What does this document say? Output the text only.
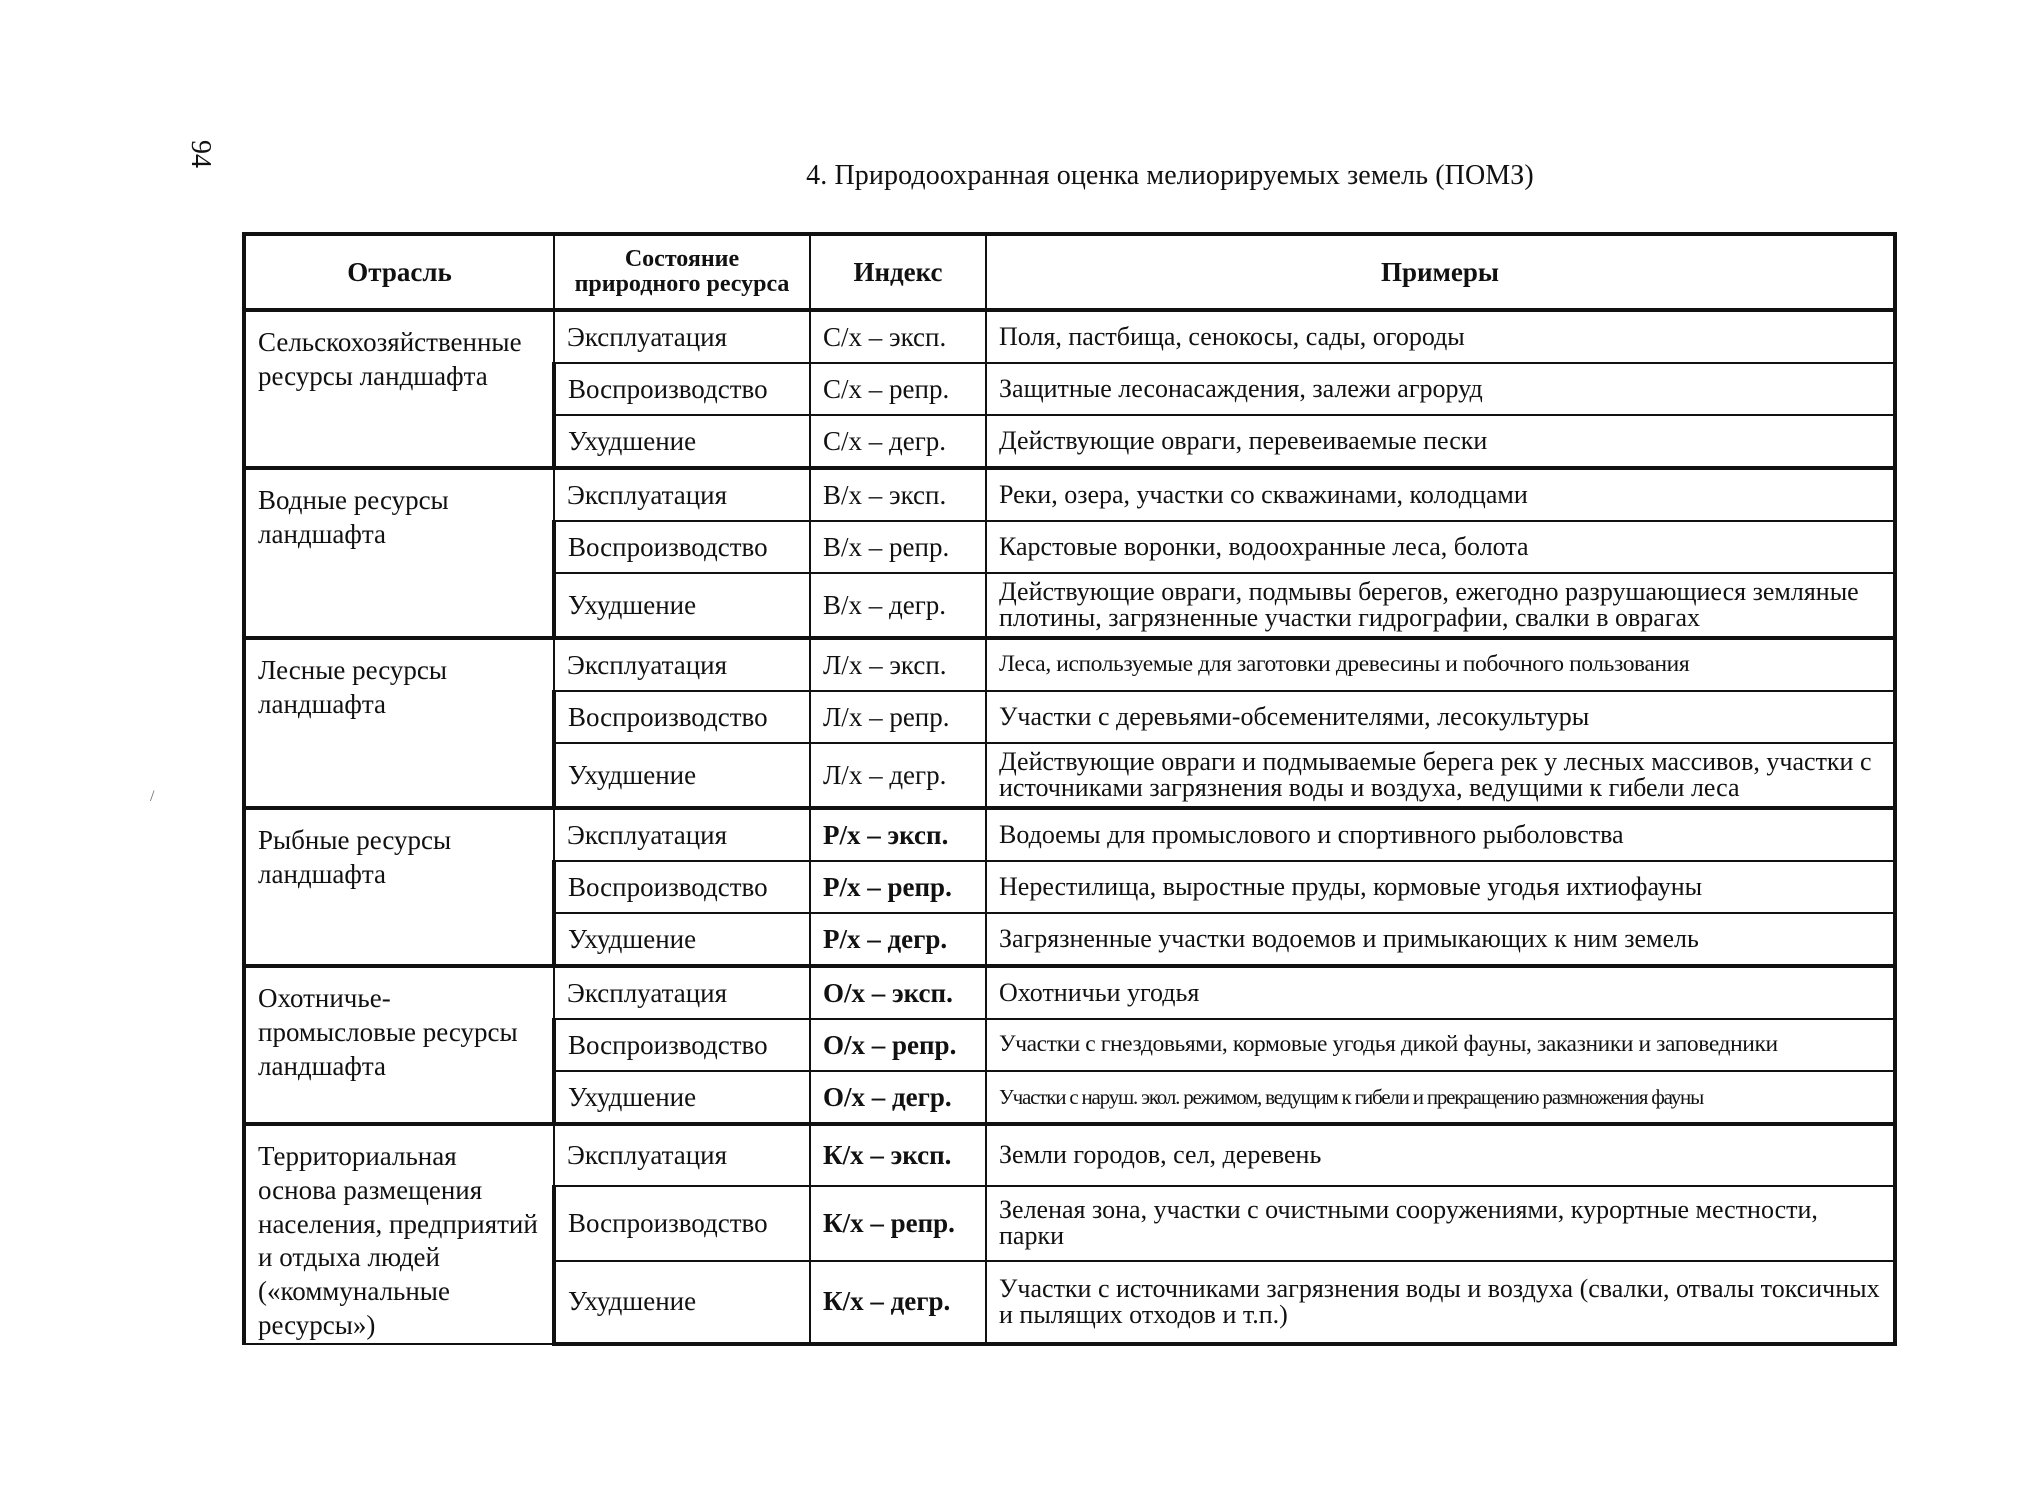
94
4. Природоохранная оценка мелиорируемых земель (ПОМЗ)
/
Отрасль	Состояние природного ресурса	Индекс	Примеры
Сельскохозяйственные ресурсы ландшафта	Эксплуатация	С/х – эксп.	Поля, пастбища, сенокосы, сады, огороды
	Воспроизводство	С/х – репр.	Защитные лесонасаждения, залежи агроруд
	Ухудшение	С/х – дегр.	Действующие овраги, перевеиваемые пески
Водные ресурсы ландшафта	Эксплуатация	В/х – эксп.	Реки, озера, участки со скважинами, колодцами
	Воспроизводство	В/х – репр.	Карстовые воронки, водоохранные леса, болота
	Ухудшение	В/х – дегр.	Действующие овраги, подмывы берегов, ежегодно разрушающиеся земляные плотины, загрязненные участки гидрографии, свалки в оврагах
Лесные ресурсы ландшафта	Эксплуатация	Л/х – эксп.	Леса, используемые для заготовки древесины и побочного пользования
	Воспроизводство	Л/х – репр.	Участки с деревьями-обсеменителями, лесокультуры
	Ухудшение	Л/х – дегр.	Действующие овраги и подмываемые берега рек у лесных массивов, участки с источниками загрязнения воды и воздуха, ведущими к гибели леса
Рыбные ресурсы ландшафта	Эксплуатация	Р/х – эксп.	Водоемы для промыслового и спортивного рыболовства
	Воспроизводство	Р/х – репр.	Нерестилища, выростные пруды, кормовые угодья ихтиофауны
	Ухудшение	Р/х – дегр.	Загрязненные участки водоемов и примыкающих к ним земель
Охотничье-промысловые ресурсы ландшафта	Эксплуатация	О/х – эксп.	Охотничьи угодья
	Воспроизводство	О/х – репр.	Участки с гнездовьями, кормовые угодья дикой фауны, заказники и заповедники
	Ухудшение	О/х – дегр.	Участки с наруш. экол. режимом, ведущим к гибели и прекращению размножения фауны
Территориальная основа размещения населения, предприятий и отдыха людей («коммунальные ресурсы»)	Эксплуатация	К/х – эксп.	Земли городов, сел, деревень
	Воспроизводство	К/х – репр.	Зеленая зона, участки с очистными сооружениями, курортные местности, парки
	Ухудшение	К/х – дегр.	Участки с источниками загрязнения воды и воздуха (свалки, отвалы токсичных и пылящих отходов и т.п.)
